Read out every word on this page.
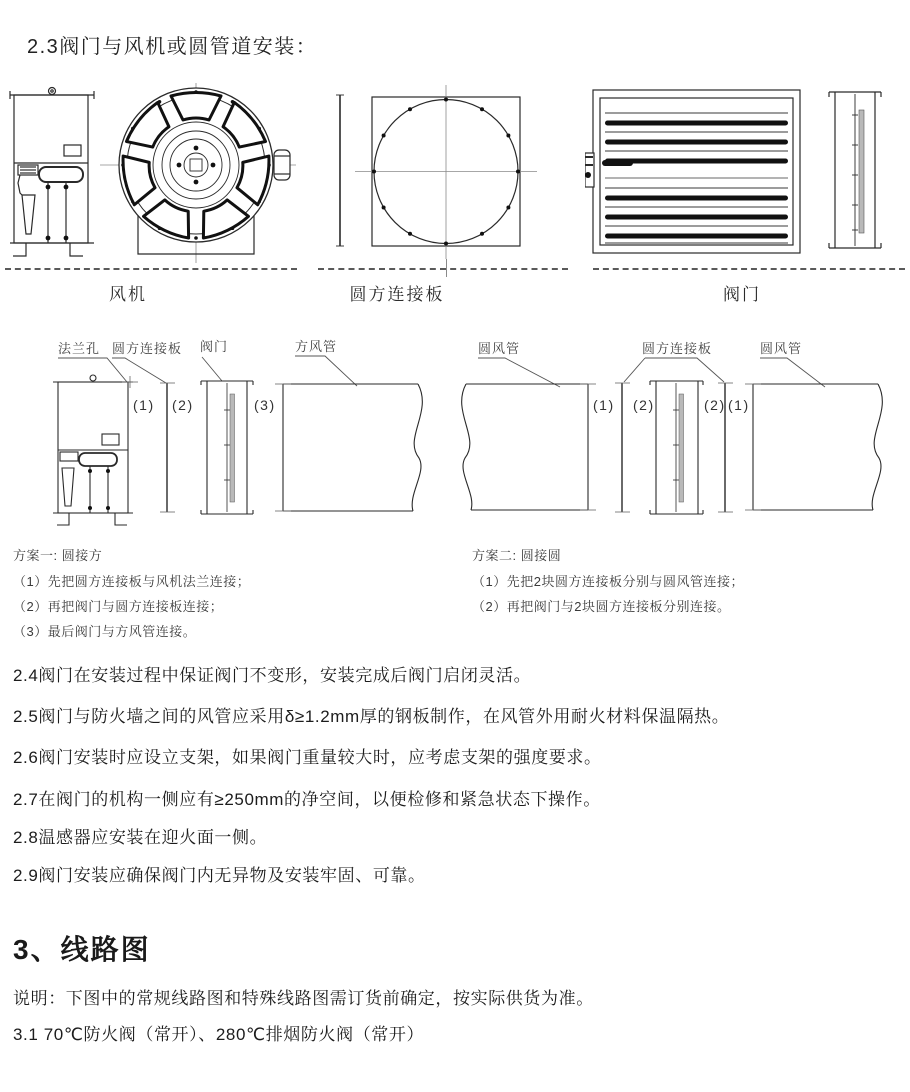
2.3阀门与风机或圆管道安装：
风机	圆方连接板	阀门
法兰孔 圆方连接板 阀门	方风管
(1) (2)	(3)
圆风管	圆方连接板	圆风管
(1) (2)	(2) (1)
方案一: 圆接方
（1）先把圆方连接板与风机法兰连接；
（2）再把阀门与圆方连接板连接；
（3）最后阀门与方风管连接。
方案二: 圆接圆
（1）先把2块圆方连接板分别与圆风管连接；
（2）再把阀门与2块圆方连接板分别连接。
2.4阀门在安装过程中保证阀门不变形，安装完成后阀门启闭灵活。
2.5阀门与防火墙之间的风管应采用δ≥1.2mm厚的钢板制作，在风管外用耐火材料保温隔热。
2.6阀门安装时应设立支架，如果阀门重量较大时，应考虑支架的强度要求。
2.7在阀门的机构一侧应有≥250mm的净空间，以便检修和紧急状态下操作。
2.8温感器应安装在迎火面一侧。
2.9阀门安装应确保阀门内无异物及安装牢固、可靠。
3、线路图
说明：下图中的常规线路图和特殊线路图需订货前确定，按实际供货为准。
3.1 70℃防火阀（常开）、280℃排烟防火阀（常开）
